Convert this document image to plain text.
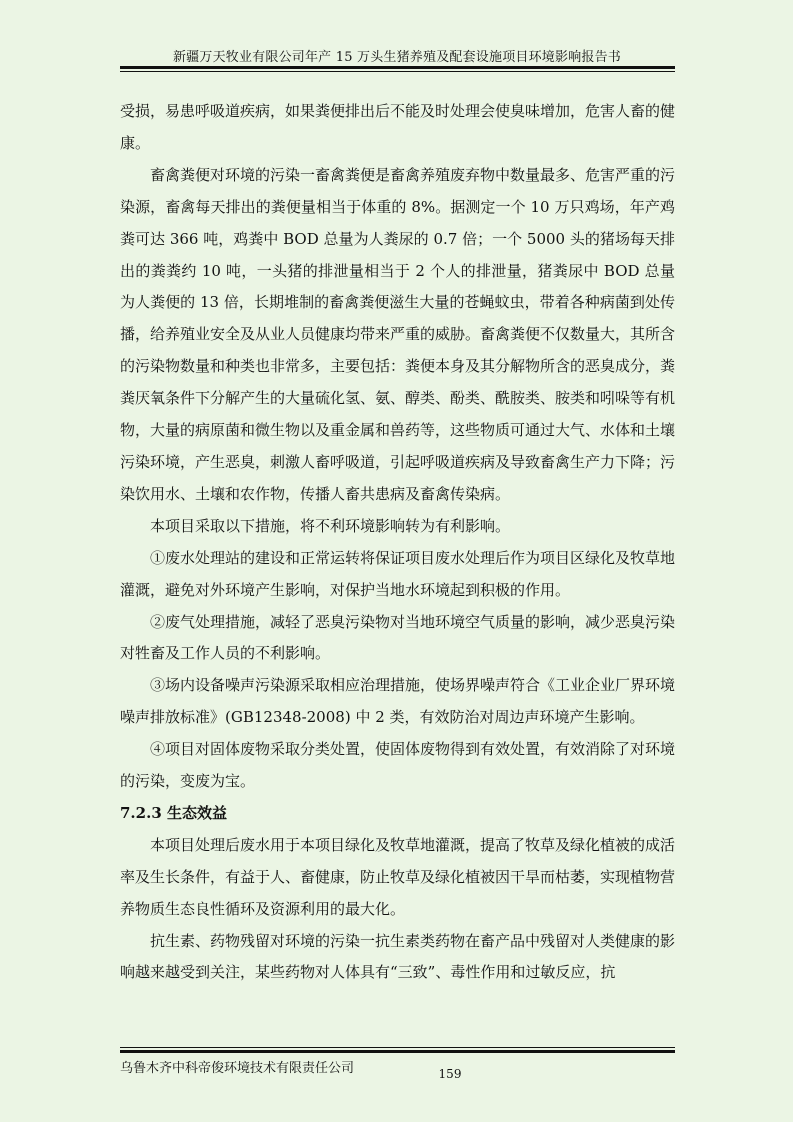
新疆万天牧业有限公司年产 15 万头生猪养殖及配套设施项目环境影响报告书

受损，易患呼吸道疾病，如果粪便排出后不能及时处理会使臭味增加，危害人畜的健康。

畜禽粪便对环境的污染一畜禽粪便是畜禽养殖废弃物中数量最多、危害严重的污染源，畜禽每天排出的粪便量相当于体重的 8%。据测定一个 10 万只鸡场，年产鸡粪可达 366 吨，鸡粪中 BOD 总量为人粪尿的 0.7 倍；一个 5000 头的猪场每天排出的粪粪约 10 吨，一头猪的排泄量相当于 2 个人的排泄量，猪粪尿中 BOD 总量为人粪便的 13 倍，长期堆制的畜禽粪便滋生大量的苍蝇蚊虫，带着各种病菌到处传播，给养殖业安全及从业人员健康均带来严重的威胁。畜禽粪便不仅数量大，其所含的污染物数量和种类也非常多，主要包括：粪便本身及其分解物所含的恶臭成分，粪粪厌氧条件下分解产生的大量硫化氢、氨、醇类、酚类、酰胺类、胺类和吲哚等有机物，大量的病原菌和微生物以及重金属和兽药等，这些物质可通过大气、水体和土壤污染环境，产生恶臭，刺激人畜呼吸道，引起呼吸道疾病及导致畜禽生产力下降；污染饮用水、土壤和农作物，传播人畜共患病及畜禽传染病。

本项目采取以下措施，将不利环境影响转为有利影响。

①废水处理站的建设和正常运转将保证项目废水处理后作为项目区绿化及牧草地灌溉，避免对外环境产生影响，对保护当地水环境起到积极的作用。

②废气处理措施，减轻了恶臭污染物对当地环境空气质量的影响，减少恶臭污染对牲畜及工作人员的不利影响。

③场内设备噪声污染源采取相应治理措施，使场界噪声符合《工业企业厂界环境噪声排放标准》(GB12348-2008) 中 2 类，有效防治对周边声环境产生影响。

④项目对固体废物采取分类处置，使固体废物得到有效处置，有效消除了对环境的污染，变废为宝。

7.2.3 生态效益

本项目处理后废水用于本项目绿化及牧草地灌溉，提高了牧草及绿化植被的成活率及生长条件，有益于人、畜健康，防止牧草及绿化植被因干旱而枯萎，实现植物营养物质生态良性循环及资源利用的最大化。

抗生素、药物残留对环境的污染一抗生素类药物在畜产品中残留对人类健康的影响越来越受到关注，某些药物对人体具有“三致”、毒性作用和过敏反应，抗

乌鲁木齐中科帝俊环境技术有限责任公司	159
